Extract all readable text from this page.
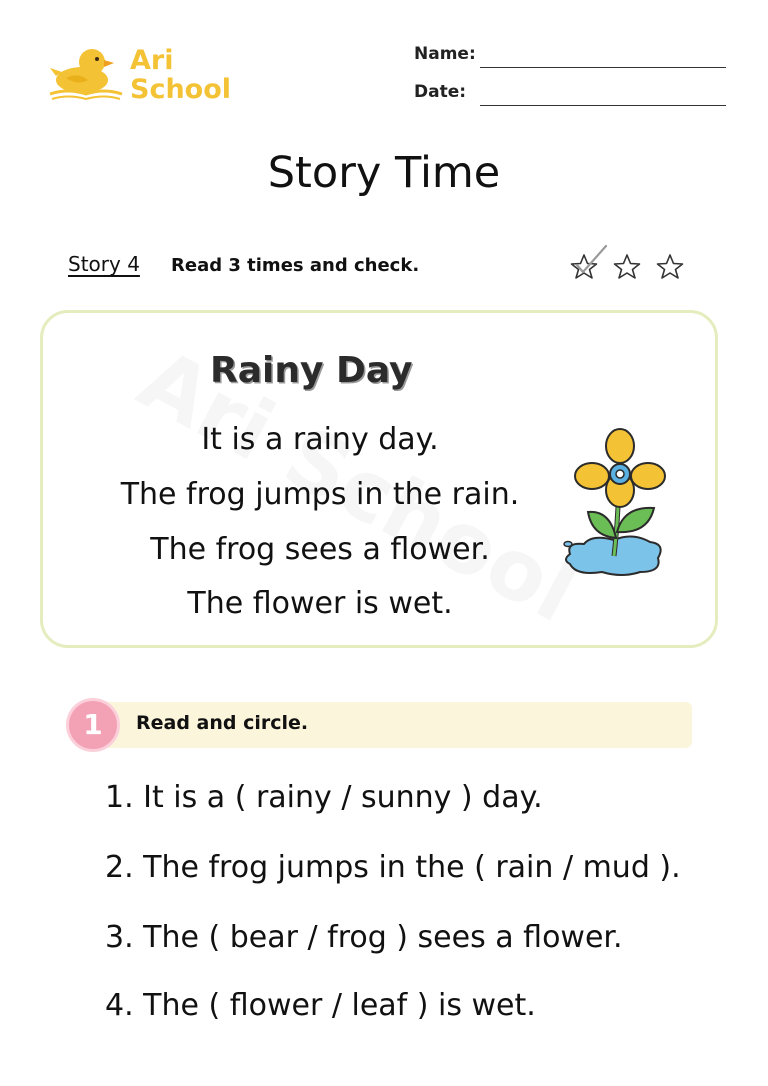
Ari
School
Name:
Date:
Story Time
Story 4 Read 3 times and check.
Rainy Day
It is a rainy day.
The frog jumps in the rain.
The frog sees a flower.
The flower is wet.
1	Read and circle.
1. It is a ( rainy / sunny ) day.
2. The frog jumps in the ( rain / mud ).
3. The ( bear / frog ) sees a flower.
4. The ( flower / leaf ) is wet.
